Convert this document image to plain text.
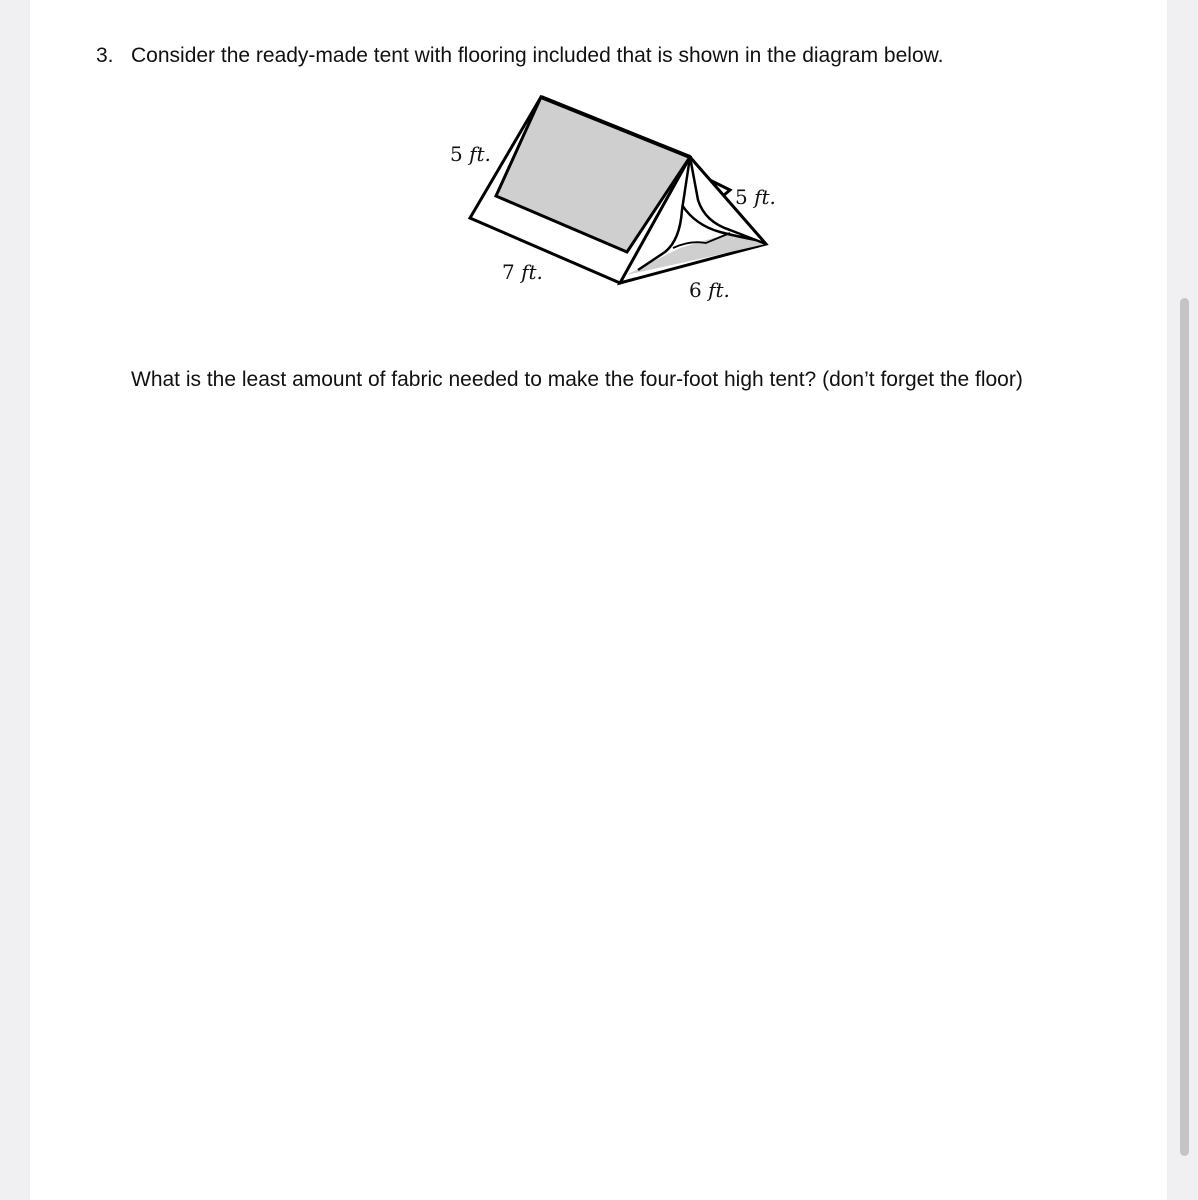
3. Consider the ready-made tent with flooring included that is shown in the diagram below.
5 ft.
5 ft.
7 ft.
6 ft.
What is the least amount of fabric needed to make the four-foot high tent? (don’t forget the floor)
